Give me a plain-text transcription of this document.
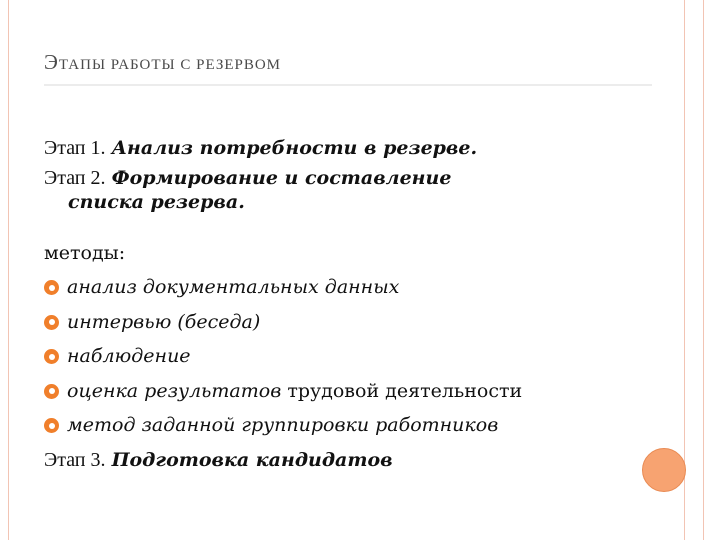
ЭТАПЫ РАБОТЫ С РЕЗЕРВОМ
Этап 1. Анализ потребности в резерве.
Этап 2. Формирование и составление
списка резерва.
методы:
анализ документальных данных
интервью (беседа)
наблюдение
оценка результатов трудовой деятельности
метод заданной группировки работников
Этап 3. Подготовка кандидатов
